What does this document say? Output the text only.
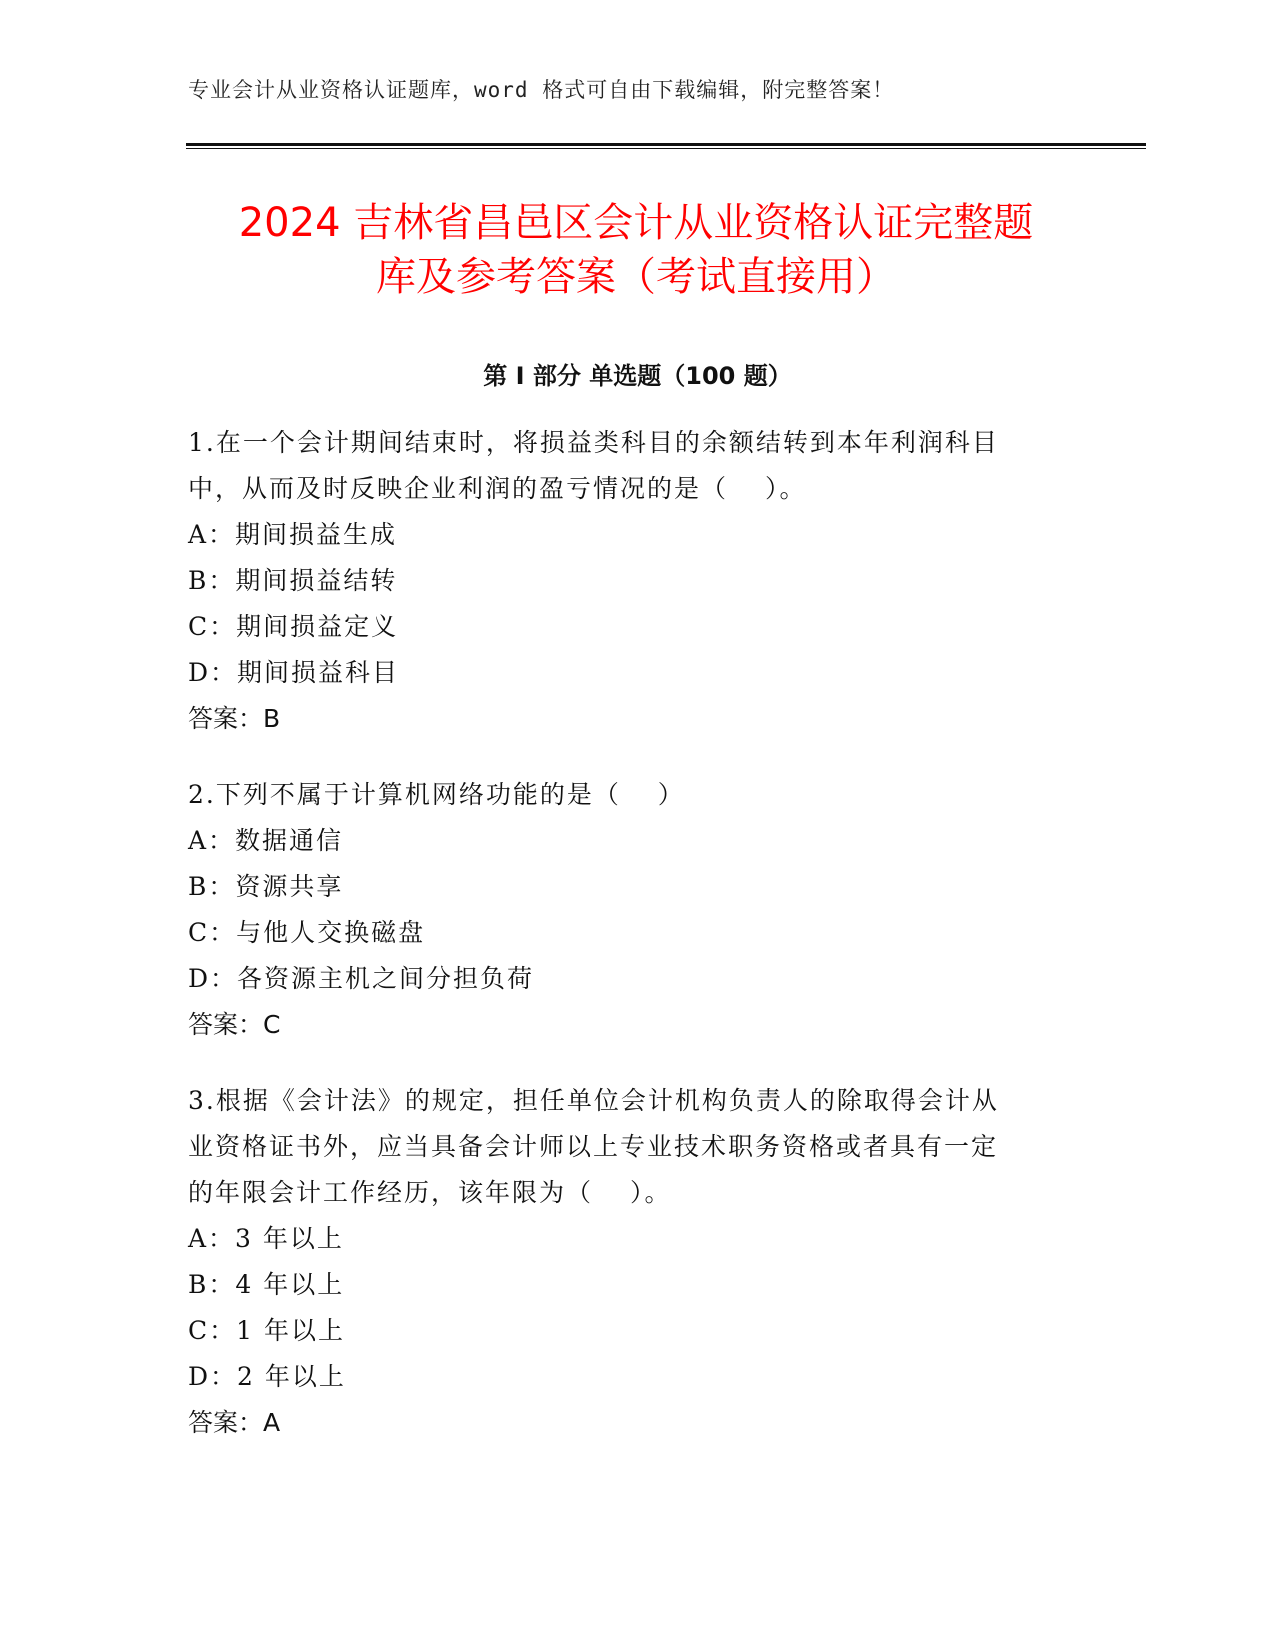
专业会计从业资格认证题库，word 格式可自由下载编辑，附完整答案！
2024 吉林省昌邑区会计从业资格认证完整题
库及参考答案（考试直接用）
第 I 部分 单选题（100 题）

1.在一个会计期间结束时，将损益类科目的余额结转到本年利润科目

中，从而及时反映企业利润的盈亏情况的是（　 ）。

A：期间损益生成

B：期间损益结转

C：期间损益定义

D：期间损益科目

答案：B

2.下列不属于计算机网络功能的是（　 ）

A：数据通信

B：资源共享

C：与他人交换磁盘

D：各资源主机之间分担负荷

答案：C

3.根据《会计法》的规定，担任单位会计机构负责人的除取得会计从

业资格证书外，应当具备会计师以上专业技术职务资格或者具有一定

的年限会计工作经历，该年限为（　 ）。

A：3 年以上

B：4 年以上

C：1 年以上

D：2 年以上

答案：A
